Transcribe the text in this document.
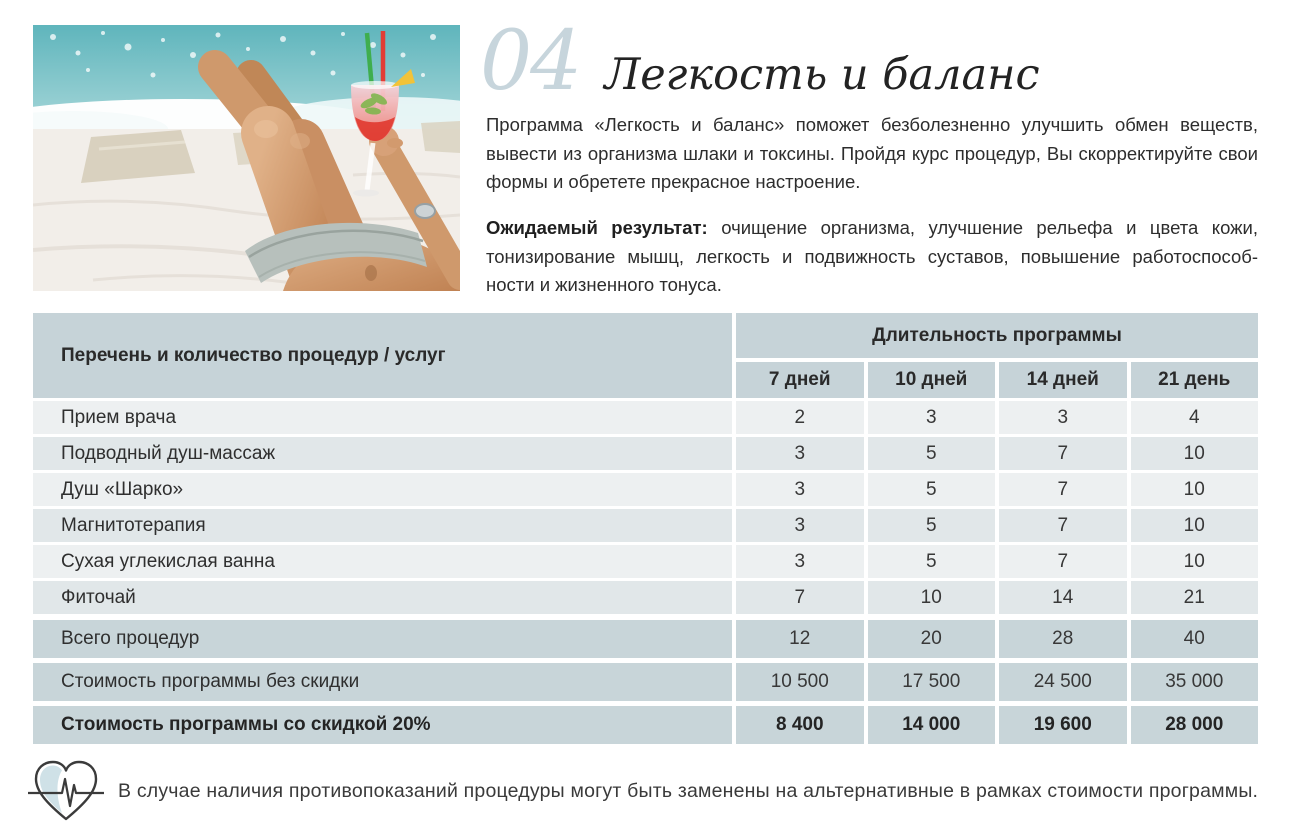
04 Легкость и баланс
Программа «Легкость и баланс» поможет безболезненно улучшить обмен веществ,
вывести из организма шлаки и токсины. Пройдя курс процедур, Вы скорректируйте свои
формы и обретете прекрасное настроение.
Ожидаемый результат: очищение организма, улучшение рельефа и цвета кожи,
тонизирование мышц, легкость и подвижность суставов, повышение работоспособ-
ности и жизненного тонуса.
Перечень и количество процедур / услуг
Длительность программы
7 дней	10 дней	14 дней	21 день
Прием врача	2	3	3	4
Подводный душ-массаж	3	5	7	10
Душ «Шарко»	3	5	7	10
Магнитотерапия	3	5	7	10
Сухая углекислая ванна	3	5	7	10
Фиточай	7	10	14	21
Всего процедур	12	20	28	40
Стоимость программы без скидки	10 500	17 500	24 500	35 000
Стоимость программы со скидкой 20%	8 400	14 000	19 600	28 000
В случае наличия противопоказаний процедуры могут быть заменены на альтернативные в рамках стоимости программы.
